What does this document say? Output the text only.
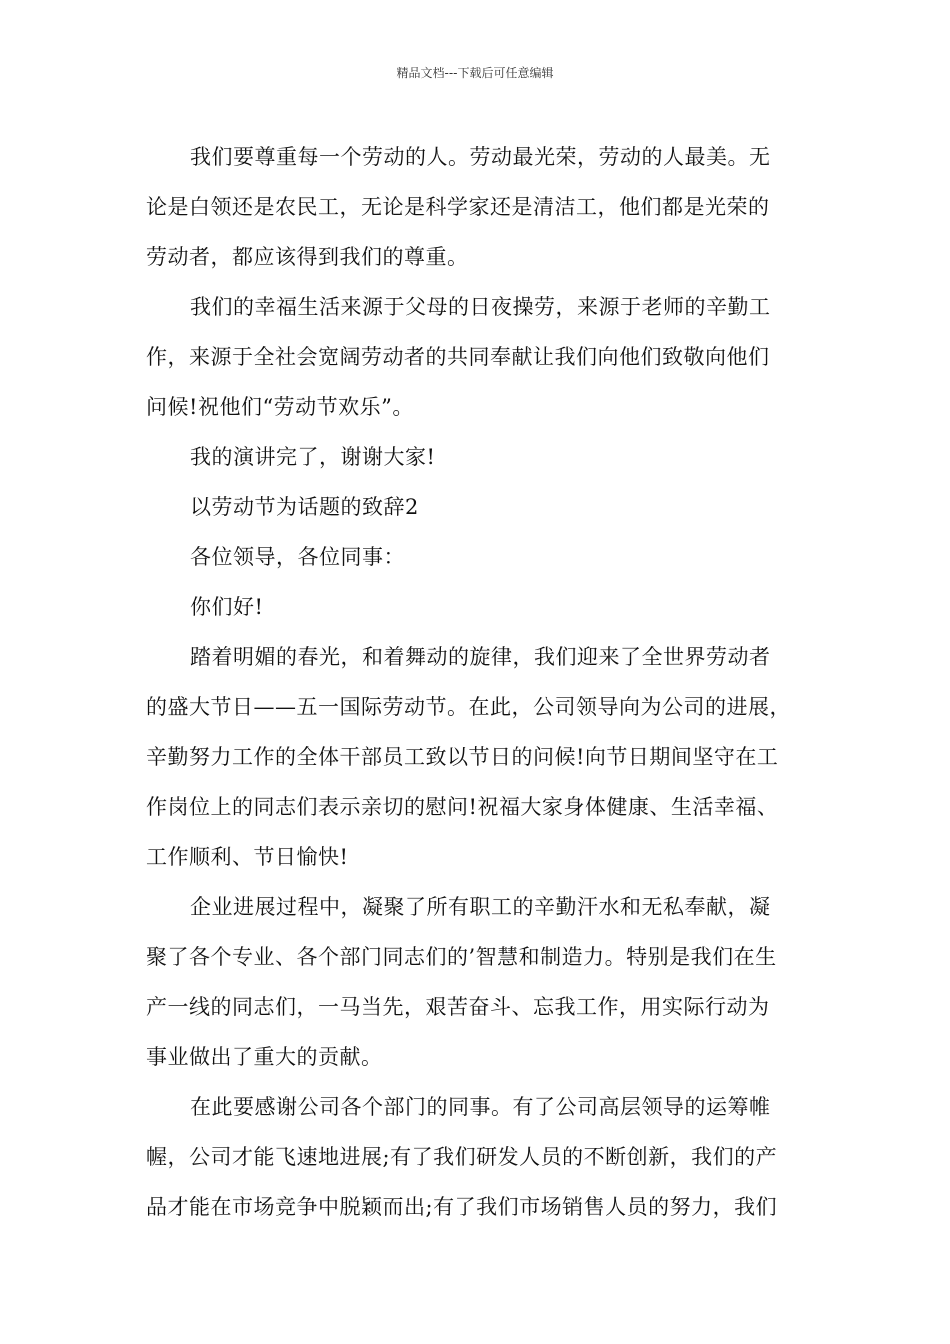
精品文档---下载后可任意编辑

我们要尊重每一个劳动的人。劳动最光荣，劳动的人最美。无
论是白领还是农民工，无论是科学家还是清洁工，他们都是光荣的
劳动者，都应该得到我们的尊重。

我们的幸福生活来源于父母的日夜操劳，来源于老师的辛勤工
作，来源于全社会宽阔劳动者的共同奉献让我们向他们致敬向他们
问候!祝他们“劳动节欢乐”。

我的演讲完了，谢谢大家!

以劳动节为话题的致辞2

各位领导，各位同事：

你们好!

踏着明媚的春光，和着舞动的旋律，我们迎来了全世界劳动者
的盛大节日——五一国际劳动节。在此，公司领导向为公司的进展，
辛勤努力工作的全体干部员工致以节日的问候!向节日期间坚守在工
作岗位上的同志们表示亲切的慰问!祝福大家身体健康、生活幸福、
工作顺利、节日愉快!

企业进展过程中，凝聚了所有职工的辛勤汗水和无私奉献，凝
聚了各个专业、各个部门同志们的’智慧和制造力。特别是我们在生
产一线的同志们，一马当先，艰苦奋斗、忘我工作，用实际行动为
事业做出了重大的贡献。

在此要感谢公司各个部门的同事。有了公司高层领导的运筹帷
幄，公司才能飞速地进展;有了我们研发人员的不断创新，我们的产
品才能在市场竞争中脱颖而出;有了我们市场销售人员的努力，我们
